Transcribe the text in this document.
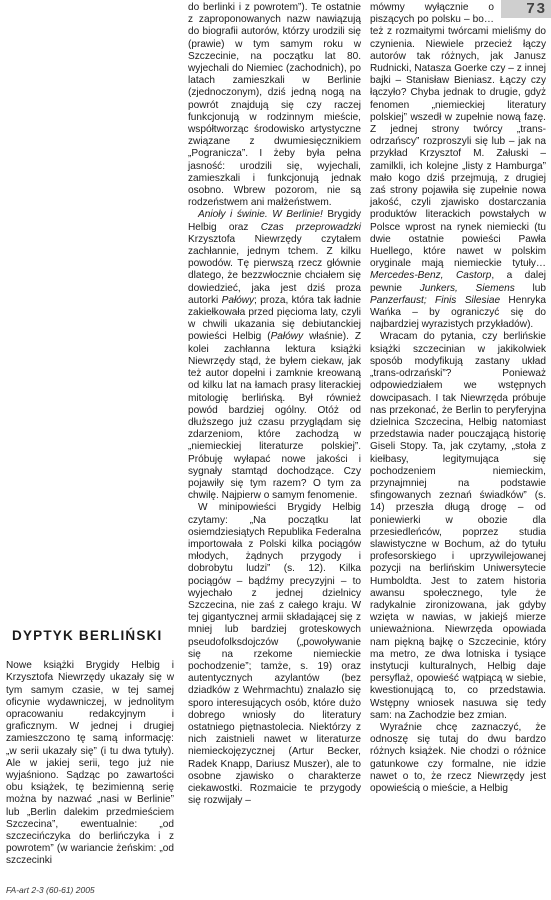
73
DYPTYK BERLIŃSKI

Nowe książki Brygidy Helbig i Krzysztofa Niewrzędy ukazały się w tym samym czasie, w tej samej oficynie wydawniczej, w jednolitym opracowaniu redakcyjnym i graficznym. W jednej i drugiej zamieszczono tę samą informację: „w serii ukazały się” (i tu dwa tytuły). Ale w jakiej serii, tego już nie wyjaśniono. Sądząc po zawartości obu książek, tę bezimienną serię można by nazwać „nasi w Berlinie” lub „Berlin dalekim przedmieściem Szczecina”, ewentualnie: „od szczecińczyka do berlińczyka i z powrotem” (w wariancie żeńskim: „od szczecinki

do berlinki i z powrotem”). Te ostatnie z zaproponowanych nazw nawiązują do biografii autorów, którzy urodzili się (prawie) w tym samym roku w Szczecinie, na początku lat 80. wyjechali do Niemiec (zachodnich), po latach zamieszkali w Berlinie (zjednoczonym), dziś jedną nogą na powrót znajdują się czy raczej funkcjonują w rodzinnym mieście, współtworząc środowisko artystyczne związane z dwumiesięcznikiem „Pogranicza”. I żeby była pełna jasność: urodzili się, wyjechali, zamieszkali i funkcjonują jednak osobno. Wbrew pozorom, nie są rodzeństwem ani małżeństwem.

Anioły i świnie. W Berlinie! Brygidy Helbig oraz Czas przeprowadzki Krzysztofa Niewrzędy czytałem zachłannie, jednym tchem. Z kilku powodów. Tę pierwszą rzecz głównie dlatego, że bezzwłocznie chciałem się dowiedzieć, jaka jest dziś proza autorki Pałówy; proza, która tak ładnie zakiełkowała przed pięcioma laty, czyli w chwili ukazania się debiutanckiej powieści Helbig (Pałówy właśnie). Z kolei zachłanna lektura książki Niewrzędy stąd, że byłem ciekaw, jak też autor dopełni i zamknie kreowaną od kilku lat na łamach prasy literackiej mitologię berlińską. Był również powód bardziej ogólny. Otóż od dłuższego już czasu przyglądam się zdarzeniom, które zachodzą w „niemieckiej literaturze polskiej”. Próbuję wyłapać nowe jakości i sygnały stamtąd dochodzące. Czy pojawiły się tym razem? O tym za chwilę. Najpierw o samym fenomenie.

W minipowieści Brygidy Helbig czytamy: „Na początku lat osiemdziesiątych Republika Federalna importowała z Polski kilka pociągów młodych, żądnych przygody i dobrobytu ludzi” (s. 12). Kilka pociągów – bądźmy precyzyjni – to wyjechało z jednej dzielnicy Szczecina, nie zaś z całego kraju. W tej gigantycznej armii składającej się z mniej lub bardziej groteskowych pseudofolksdojczów („powoływanie się na rzekome niemieckie pochodzenie”; tamże, s. 19) oraz autentycznych azylantów (bez dziadków z Wehrmachtu) znalazło się sporo interesujących osób, które dużo dobrego wniosły do literatury ostatniego piętnastolecia. Niektórzy z nich zaistnieli nawet w literaturze niemieckojęzycznej (Artur Becker, Radek Knapp, Dariusz Muszer), ale to osobne zjawisko o charakterze ciekawostki. Rozmaicie te przygody się rozwijały –

mówmy wyłącznie o piszących po polsku – bo… też z rozmaitymi twórcami mieliśmy do czynienia. Niewiele przecież łączy autorów tak różnych, jak Janusz Rudnicki, Natasza Goerke czy – z innej bajki – Stanisław Bieniasz. Łączy czy łączyło? Chyba jednak to drugie, gdyż fenomen „niemieckiej literatury polskiej” wszedł w zupełnie nową fazę. Z jednej strony twórcy „trans-odrzańscy” rozproszyli się lub – jak na przykład Krzysztof M. Załuski – zamilkli, ich kolejne „listy z Hamburga” mało kogo dziś przejmują, z drugiej zaś strony pojawiła się zupełnie nowa jakość, czyli zjawisko dostarczania produktów literackich powstałych w Polsce wprost na rynek niemiecki (tu dwie ostatnie powieści Pawła Huellego, które nawet w polskim oryginale mają niemieckie tytuły… Mercedes-Benz, Castorp, a dalej pewnie Junkers, Siemens lub Panzerfaust; Finis Silesiae Henryka Wańka – by ograniczyć się do najbardziej wyrazistych przykładów).

Wracam do pytania, czy berlińskie książki szczecinian w jakikolwiek sposób modyfikują zastany układ „trans-odrzański”? Ponieważ odpowiedziałem we wstępnych dowcipasach. I tak Niewrzęda próbuje nas przekonać, że Berlin to peryferyjna dzielnica Szczecina, Helbig natomiast przedstawia nader poucząjącą historię Giseli Stopy. Ta, jak czytamy, „stoła z kiełbasy, legitymująca się pochodzeniem niemieckim, przynajmniej na podstawie sfingowanych zeznań świadków” (s. 14) przeszła długą drogę – od poniewierki w obozie dla przesiedleńców, poprzez studia slawistyczne w Bochum, aż do tytułu profesorskiego i uprzywilejowanej pozycji na berlińskim Uniwersytecie Humboldta. Jest to zatem historia awansu społecznego, tyle że radykalnie zironizowana, jak gdyby wzięta w nawias, w jakiejś mierze unieważniona. Niewrzęda opowiada nam piękną bajkę o Szczecinie, który ma metro, ze dwa lotniska i tysiące instytucji kulturalnych, Helbig daje persyflaż, opowieść wątpiącą w siebie, kwestionującą to, co przedstawia. Wstępny wniosek nasuwa się tedy sam: na Zachodzie bez zmian.

Wyraźnie chcę zaznaczyć, że odnoszę się tutaj do dwu bardzo różnych książek. Nie chodzi o różnice gatunkowe czy formalne, nie idzie nawet o to, że rzecz Niewrzędy jest opowieścią o mieście, a Helbig

FA-art 2-3 (60-61) 2005
